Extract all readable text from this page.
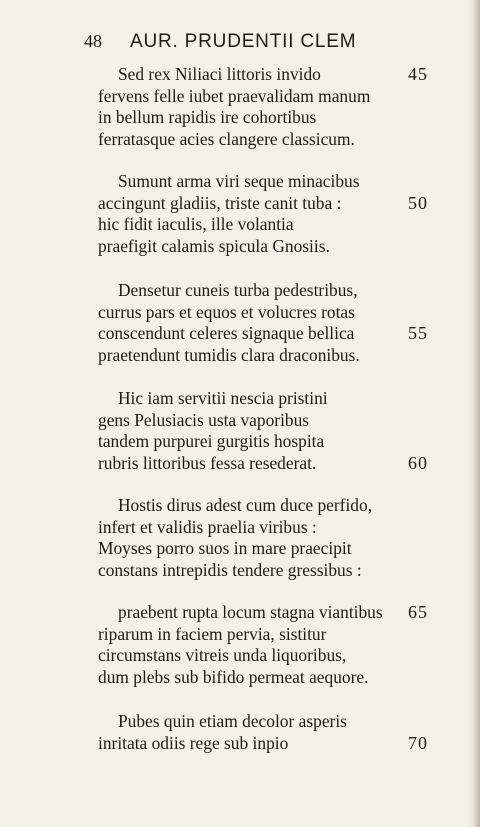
48	AUR. PRUDENTII CLEM
Sed rex Niliaci littoris invido	45
fervens felle iubet praevalidam manum
in bellum rapidis ire cohortibus
ferratasque acies clangere classicum.
Sumunt arma viri seque minacibus
accingunt gladiis, triste canit tuba :	50
hic fidit iaculis, ille volantia
praefigit calamis spicula Gnosiis.
Densetur cuneis turba pedestribus,
currus pars et equos et volucres rotas
conscendunt celeres signaque bellica	55
praetendunt tumidis clara draconibus.
Hic iam servitii nescia pristini
gens Pelusiacis usta vaporibus
tandem purpurei gurgitis hospita
rubris littoribus fessa resederat.	60
Hostis dirus adest cum duce perfido,
infert et validis praelia viribus :
Moyses porro suos in mare praecipit
constans intrepidis tendere gressibus :
praebent rupta locum stagna viantibus	65
riparum in faciem pervia, sistitur
circumstans vitreis unda liquoribus,
dum plebs sub bifido permeat aequore.
Pubes quin etiam decolor asperis
inritata odiis rege sub inpio	70
